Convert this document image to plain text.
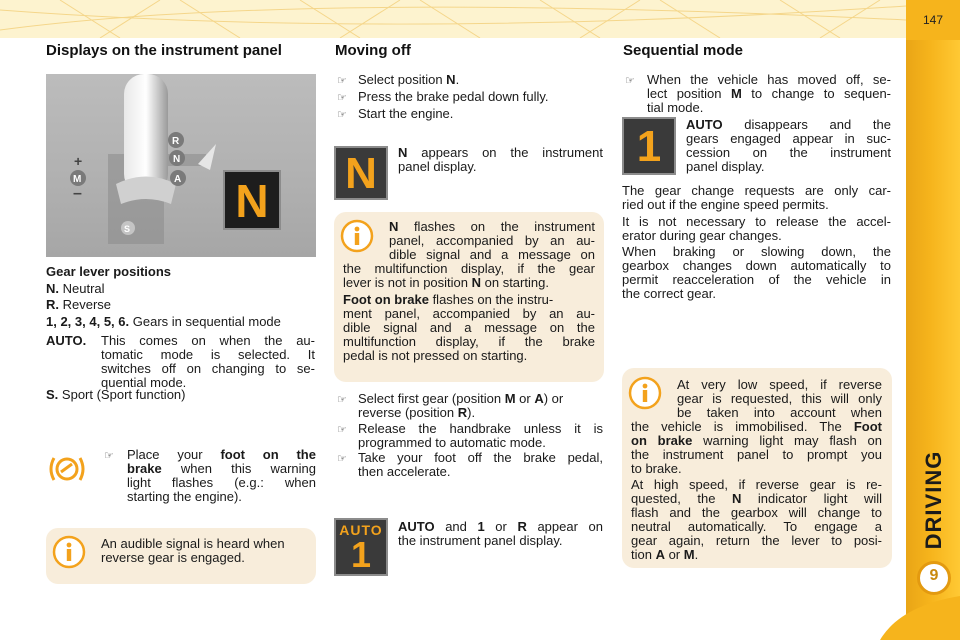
147
DRIVING
9
Displays on the instrument panel
+
–
R
N
A
M
S
N
Gear lever positions
N. Neutral
R. Reverse
1, 2, 3, 4, 5, 6. Gears in sequential mode
AUTO. This comes on when the au-
tomatic mode is selected. It
switches off on changing to se-
quential mode.
S. Sport (Sport function)
☞ Place your foot on the
brake when this warning
light flashes (e.g.: when
starting the engine).
An audible signal is heard when
reverse gear is engaged.
Moving off
☞ Select position N.
☞ Press the brake pedal down fully.
☞ Start the engine.
N	N appears on the instrument
panel display.
N flashes on the instrument
panel, accompanied by an au-
dible signal and a message on
the multifunction display, if the gear
lever is not in position N on starting.
Foot on brake flashes on the instru-
ment panel, accompanied by an au-
dible signal and a message on the
multifunction display, if the brake
pedal is not pressed on starting.
☞ Select first gear (position M or A) or
reverse (position R).
☞ Release the handbrake unless it is
programmed to automatic mode.
☞ Take your foot off the brake pedal,
then accelerate.
AUTO
1
AUTO and 1 or R appear on
the instrument panel display.
Sequential mode
☞ When the vehicle has moved off, se-
lect position M to change to sequen-
tial mode.
1	AUTO disappears and the
gears engaged appear in suc-
cession on the instrument
panel display.
The gear change requests are only car-
ried out if the engine speed permits.
It is not necessary to release the accel-
erator during gear changes.
When braking or slowing down, the
gearbox changes down automatically to
permit reacceleration of the vehicle in
the correct gear.
At very low speed, if reverse
gear is requested, this will only
be taken into account when
the vehicle is immobilised. The Foot
on brake warning light may flash on
the instrument panel to prompt you
to brake.
At high speed, if reverse gear is re-
quested, the N indicator light will
flash and the gearbox will change to
neutral automatically. To engage a
gear again, return the lever to posi-
tion A or M.
